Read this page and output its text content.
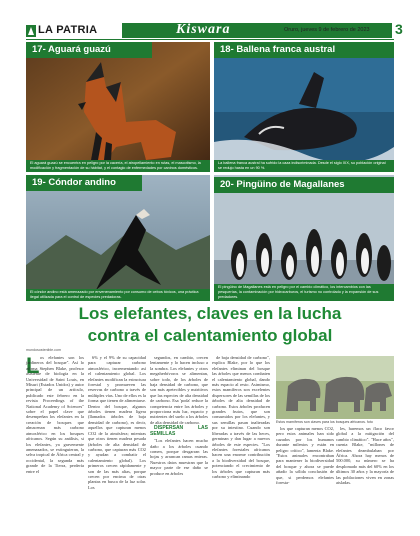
LA PATRIA	Kiswara	Oruro, jueves 9 de febrero de 2023 3
17- Aguará guazú
El aguará guazú se encuentra en peligro por la cacería, el atropellamiento en rutas, el mascotismo, la modificación y fragmentación de su hábitat, y el contagio de enfermedades por caninos domésticos.
18- Ballena franca austral
La ballena franca austral ha sufrido la caza indiscriminada. Desde el siglo XIX, su población original se redujo hasta en un 90 %.
19- Cóndor andino
El cóndor andino está amenazado por envenenamiento por consumo de cebos tóxicos, una práctica ilegal utilizada para el control de especies predadoras.
20- Pingüino de Magallanes
El pingüino de Magallanes está en peligro por el cambio climático, los intercambios con las pesquerías, la contaminación por hidrocarburos, el turismo no controlado y la expansión de sus predadores.
Los elefantes, claves en la lucha
contra el calentamiento global
mundosostenible.com
L os elefantes son los jardineros del bosque". Así lo afirma Stephen Blake, profesor asistente de biología en la Universidad de Saint Louis, en Misuri (Estados Unidos) y autor principal de un artículo, publicado este febrero en la revista Proceedings of the National Academy of Sciences" sobre el papel clave que desempeñan los elefantes en la creación de bosques que almacenan más carbono atmosférico en los bosques africanos. Según su análisis, si los elefantes, ya gravemente amenazados, se extinguieran, la selva tropical de África central y occidental, la segunda más grande de la Tierra, perdería entre el

6% y el 9% de su capacidad para capturar carbono atmosférico, incrementando así el calentamiento global. Los elefantes modifican la estructura forestal y promueven las reservas de carbono a través de múltiples vías. Uno de ellos es la forma que tienen de alimentarse. Dentro del bosque, algunos árboles tienen madera ligera (llamados árboles de baja densidad de carbono), es decir, aquellos que capturan menos CO2 de la atmósfera; mientras que otros tienen madera pesada (árboles de alta densidad de carbono, que capturan más CO2 y ayudan a combatir el calentamiento global). Los primeros crecen rápidamente y son de las más altas, porque crecen por encima de otras plantas en busca de la luz solar. Los

segundos, en cambio, crecen lentamente y lo hacen incluso a la sombra. Los elefantes y otros megaherbívoros se alimentan, sobre todo, de los árboles de baja densidad de carbono, que son más apetecibles y nutritivos que las especies de alta densidad de carbono. Esa 'poda' reduce la competencia entre los árboles y proporciona más luz, espacio y nutrientes del suelo a los árboles de alta densidad de carbono.

DISPERSAN LAS SEMILLAS

"Los elefantes hacen mucho daño a los árboles cuando comen, porque desgarran las hojas y arrancan ramas enteras. Nuestros datos muestran que la mayor parte de ese daño se produce en árboles

de baja densidad de carbono", explica Blake, por lo que los elefantes eliminan del bosque las árboles que menos combaten el calentamiento global, dando más espacio al resto. Asimismo, estos mamíferos son excelentes dispersores de las semillas de los árboles de alta densidad de carbono. Estos árboles producen grandes frutos, que son consumidos por los elefantes, y sus semillas pasan inalteradas por su intestino. Cuando son liberadas a través de las heces, germinan y dan lugar a nuevos árboles de este especies. "Los elefantes forestales africanos hacen una enorme contribución a la biodiversidad del bosque, potenciando el crecimiento de los árboles que capturan más carbono y eliminando

Estos mamíferos son claves para los bosques africanos. foto

los que capturan menos CO2, pero estos animales han sido cazados por los humanos durante milenios y están en peligro crítico", lamenta Blake. "Estos animales encontraban para mantener la biodiversidad del bosque y ahora se puede añadir la sólida conclusión de que, si perdemos elefantes foresta-

les, haremos un flaco favor global a la mitigación del cambio climático". "Hace años", cuenta Blake, "millones de elefantes deambulaban por África. Ahora hay menos de 500.000, su número se ha desplomado más del 60% en los últimos 30 años y la mayoría de las poblaciones viven en zonas aisladas.
